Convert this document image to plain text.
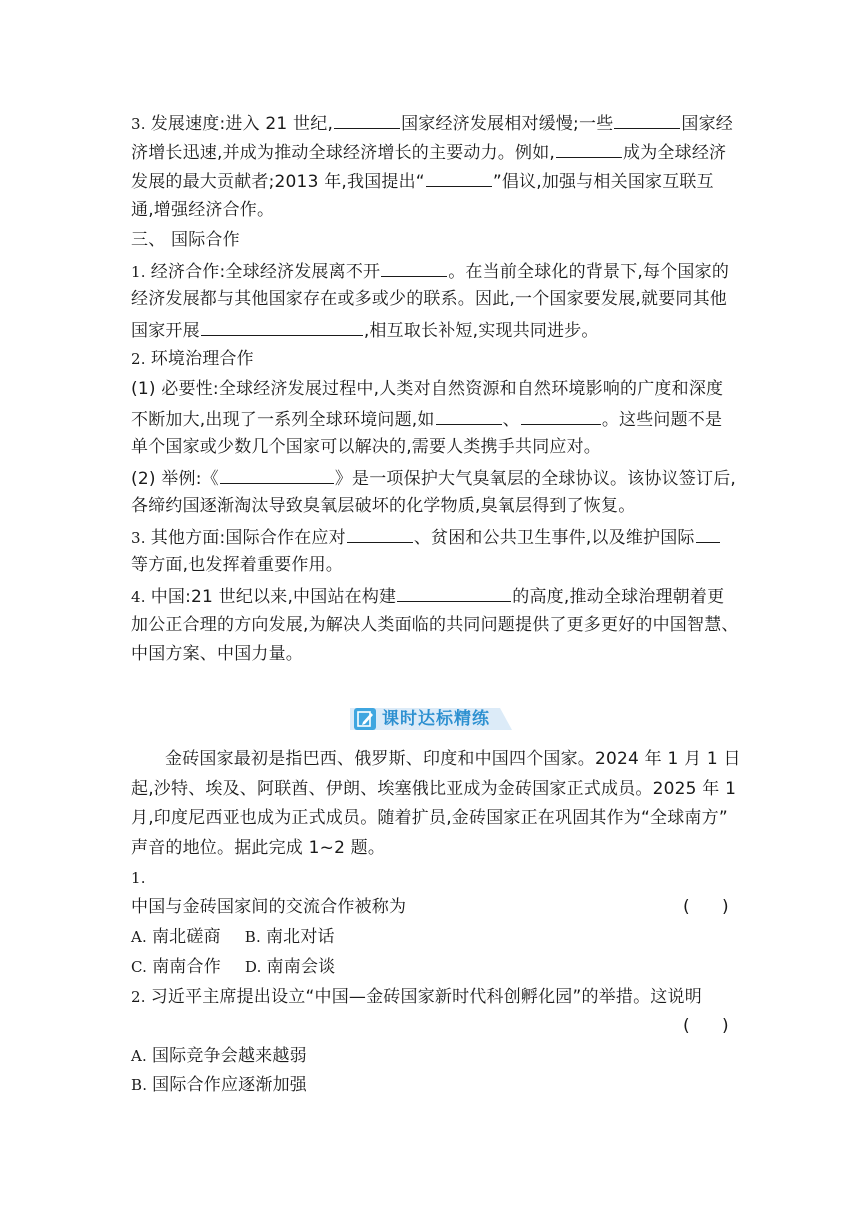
3. 发展速度:进入 21 世纪,	国家经济发展相对缓慢;一些	国家经
济增长迅速,并成为推动全球经济增长的主要动力。例如,	成为全球经济
发展的最大贡献者;2013 年,我国提出“	”倡议,加强与相关国家互联互
通,增强经济合作。
三、 国际合作
1. 经济合作:全球经济发展离不开	。在当前全球化的背景下,每个国家的
经济发展都与其他国家存在或多或少的联系。因此,一个国家要发展,就要同其他
国家开展	,相互取长补短,实现共同进步。
2. 环境治理合作
(1) 必要性:全球经济发展过程中,人类对自然资源和自然环境影响的广度和深度
不断加大,出现了一系列全球环境问题,如	、	。这些问题不是
单个国家或少数几个国家可以解决的,需要人类携手共同应对。
(2) 举例:《	》是一项保护大气臭氧层的全球协议。该协议签订后,
各缔约国逐渐淘汰导致臭氧层破坏的化学物质,臭氧层得到了恢复。
3. 其他方面:国际合作在应对	、贫困和公共卫生事件,以及维护国际
等方面,也发挥着重要作用。
4. 中国:21 世纪以来,中国站在构建	的高度,推动全球治理朝着更
加公正合理的方向发展,为解决人类面临的共同问题提供了更多更好的中国智慧、
中国方案、中国力量。
课时达标精练
金砖国家最初是指巴西、俄罗斯、印度和中国四个国家。2024 年 1 月 1 日
起,沙特、埃及、阿联酋、伊朗、埃塞俄比亚成为金砖国家正式成员。2025 年 1
月,印度尼西亚也成为正式成员。随着扩员,金砖国家正在巩固其作为“全球南方”
声音的地位。据此完成 1~2 题。
1.
中国与金砖国家间的交流合作被称为	(      )
A. 南北磋商 B. 南北对话
C. 南南合作 D. 南南会谈
2. 习近平主席提出设立“中国—金砖国家新时代科创孵化园”的举措。这说明
(      )
A. 国际竞争会越来越弱
B. 国际合作应逐渐加强
